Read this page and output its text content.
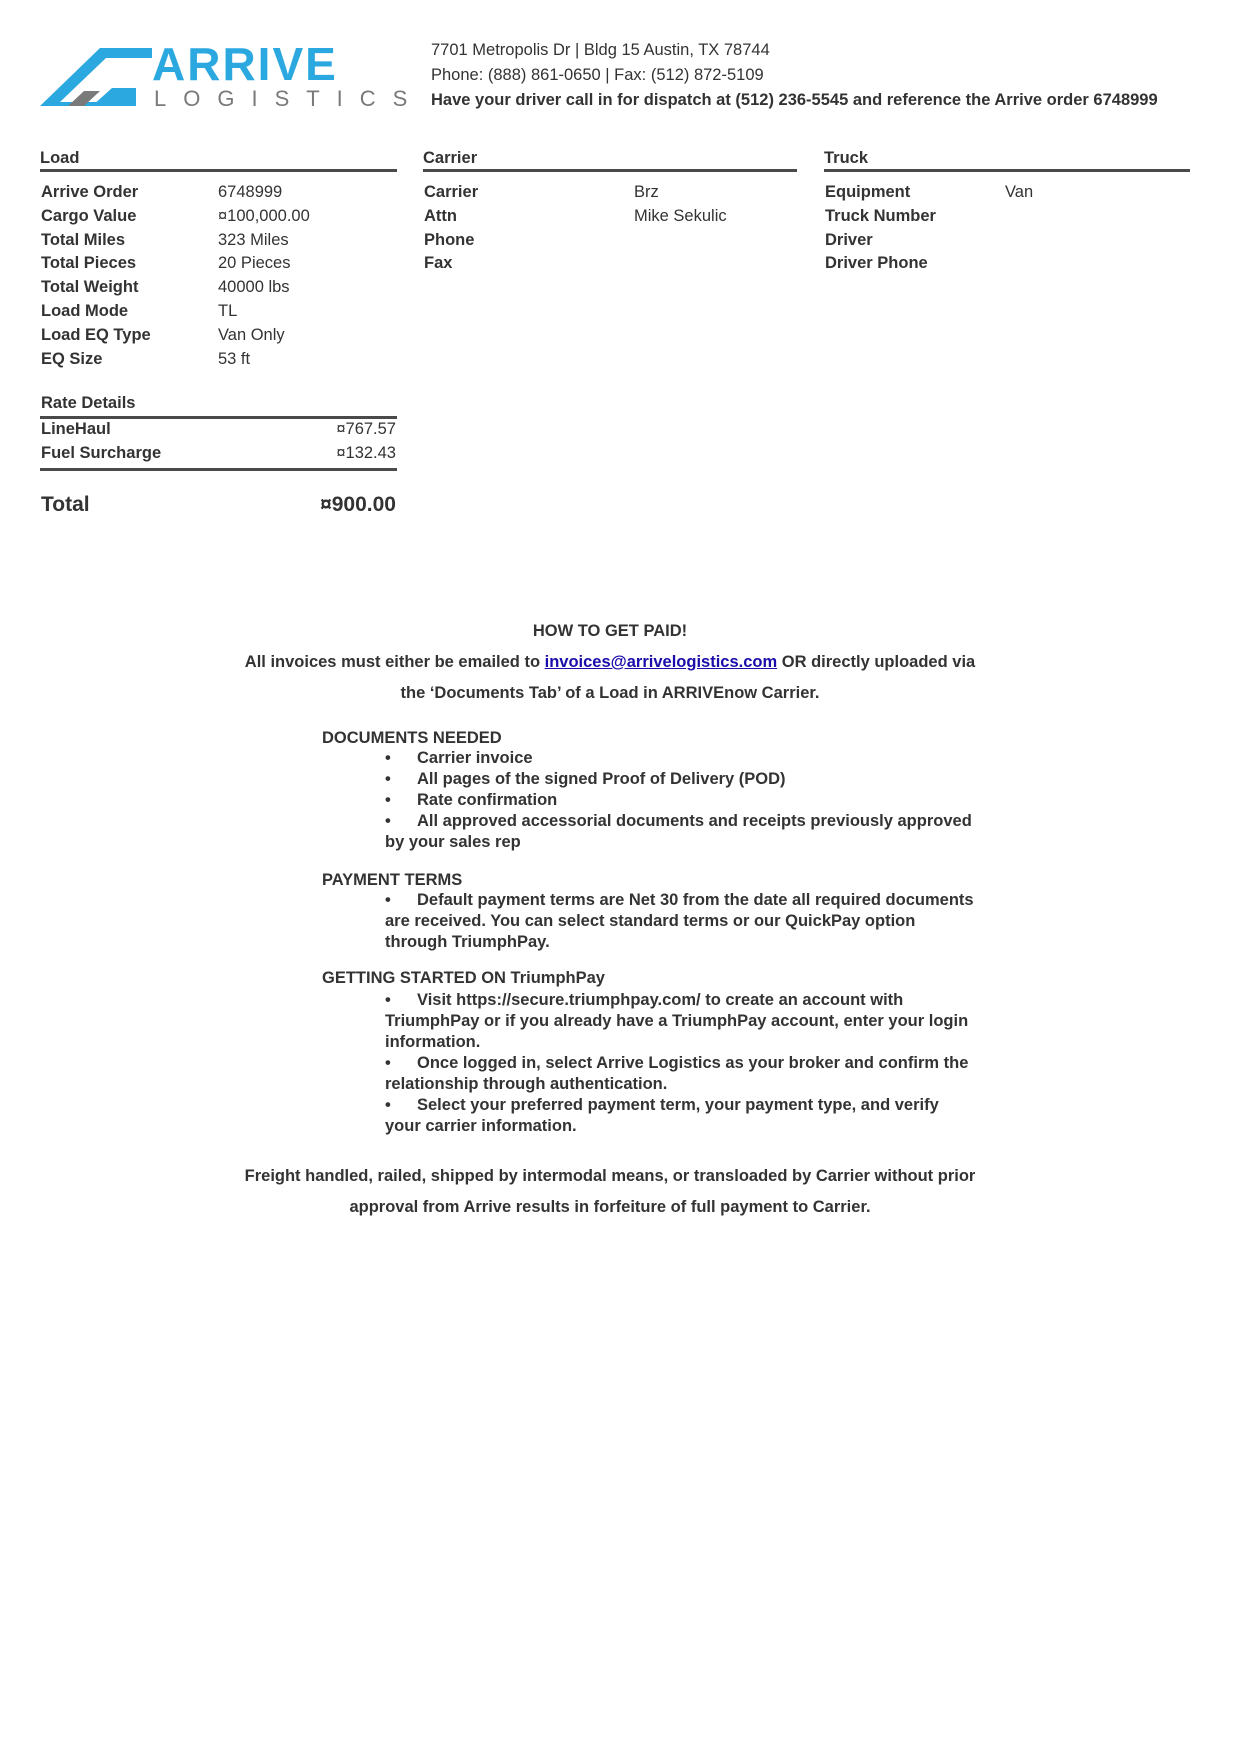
ARRIVE
LOGISTICS
7701 Metropolis Dr | Bldg 15 Austin, TX 78744
Phone: (888) 861-0650 | Fax: (512) 872-5109
Have your driver call in for dispatch at (512) 236-5545 and reference the Arrive order 6748999
Load
Arrive Order	6748999
Cargo Value	¤100,000.00
Total Miles	323 Miles
Total Pieces	20 Pieces
Total Weight	40000 lbs
Load Mode	TL
Load EQ Type	Van Only
EQ Size	53 ft
Carrier
Carrier	Brz
Attn	Mike Sekulic
Phone
Fax
Truck
Equipment	Van
Truck Number
Driver
Driver Phone
Rate Details
LineHaul	¤767.57
Fuel Surcharge	¤132.43
Total	¤900.00
HOW TO GET PAID!
All invoices must either be emailed to invoices@arrivelogistics.com OR directly uploaded via
the ‘Documents Tab’ of a Load in ARRIVEnow Carrier.
DOCUMENTS NEEDED
• Carrier invoice
• All pages of the signed Proof of Delivery (POD)
• Rate confirmation
• All approved accessorial documents and receipts previously approved by your sales rep
PAYMENT TERMS
• Default payment terms are Net 30 from the date all required documents are received. You can select standard terms or our QuickPay option through TriumphPay.
GETTING STARTED ON TriumphPay
• Visit https://secure.triumphpay.com/ to create an account with TriumphPay or if you already have a TriumphPay account, enter your login information.
• Once logged in, select Arrive Logistics as your broker and confirm the relationship through authentication.
• Select your preferred payment term, your payment type, and verify your carrier information.
Freight handled, railed, shipped by intermodal means, or transloaded by Carrier without prior
approval from Arrive results in forfeiture of full payment to Carrier.
